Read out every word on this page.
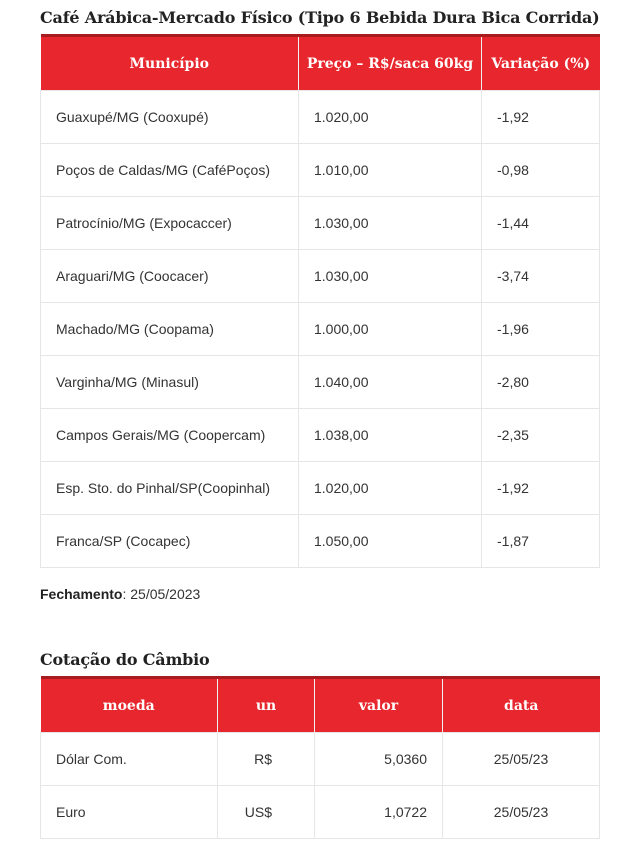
Café Arábica-Mercado Físico (Tipo 6 Bebida Dura Bica Corrida)
Município	Preço – R$/saca 60kg	Variação (%)
Guaxupé/MG (Cooxupé)	1.020,00	-1,92
Poços de Caldas/MG (CaféPoços)	1.010,00	-0,98
Patrocínio/MG (Expocaccer)	1.030,00	-1,44
Araguari/MG (Coocacer)	1.030,00	-3,74
Machado/MG (Coopama)	1.000,00	-1,96
Varginha/MG (Minasul)	1.040,00	-2,80
Campos Gerais/MG (Coopercam)	1.038,00	-2,35
Esp. Sto. do Pinhal/SP(Coopinhal)	1.020,00	-1,92
Franca/SP (Cocapec)	1.050,00	-1,87
Fechamento: 25/05/2023
Cotação do Câmbio
moeda	un	valor	data
Dólar Com.	R$	5,0360	25/05/23
Euro	US$	1,0722	25/05/23
